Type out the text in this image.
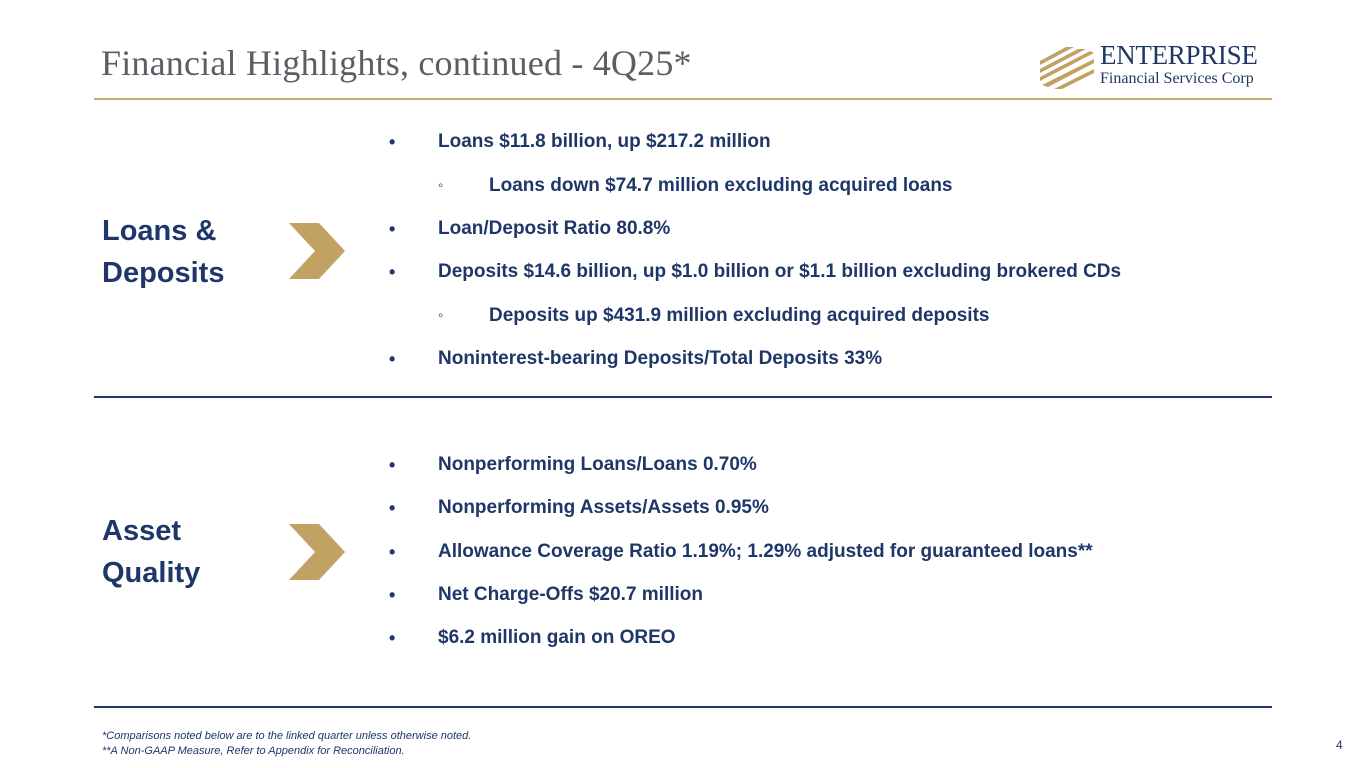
Financial Highlights, continued - 4Q25*	ENTERPRISE
Financial Services Corp
Loans &
Deposits
•	Loans $11.8 billion, up $217.2 million
◦	Loans down $74.7 million excluding acquired loans
•	Loan/Deposit Ratio 80.8%
•	Deposits $14.6 billion, up $1.0 billion or $1.1 billion excluding brokered CDs
◦	Deposits up $431.9 million excluding acquired deposits
•	Noninterest-bearing Deposits/Total Deposits 33%
Asset
Quality
•	Nonperforming Loans/Loans 0.70%
•	Nonperforming Assets/Assets 0.95%
•	Allowance Coverage Ratio 1.19%; 1.29% adjusted for guaranteed loans**
•	Net Charge-Offs $20.7 million
•	$6.2 million gain on OREO
*Comparisons noted below are to the linked quarter unless otherwise noted.
**A Non-GAAP Measure, Refer to Appendix for Reconciliation.	4
